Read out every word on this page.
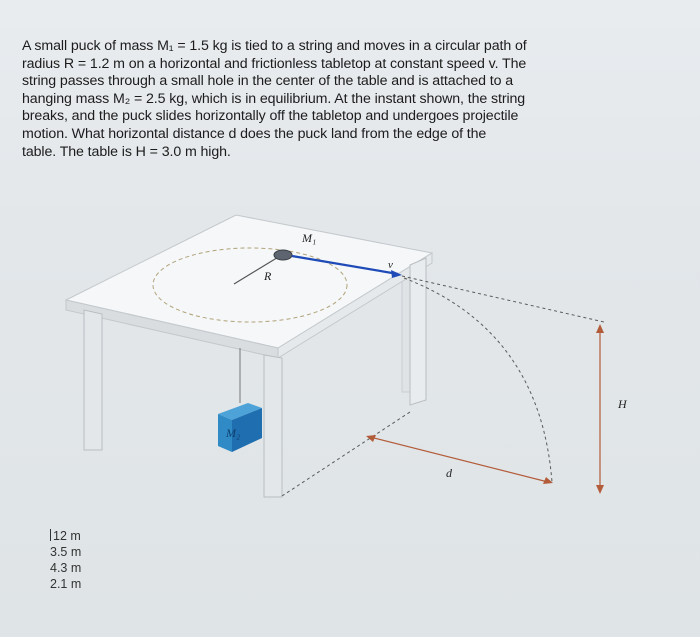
A small puck of mass M₁ = 1.5 kg is tied to a string and moves in a circular path of
radius R = 1.2 m on a horizontal and frictionless tabletop at constant speed v. The
string passes through a small hole in the center of the table and is attached to a
hanging mass M₂ = 2.5 kg, which is in equilibrium. At the instant shown, the string
breaks, and the puck slides horizontally off the tabletop and undergoes projectile
motion. What horizontal distance d does the puck land from the edge of the
table. The table is H = 3.0 m high.
M₁
R
v
M₂
H
d
12 m
3.5 m
4.3 m
2.1 m
